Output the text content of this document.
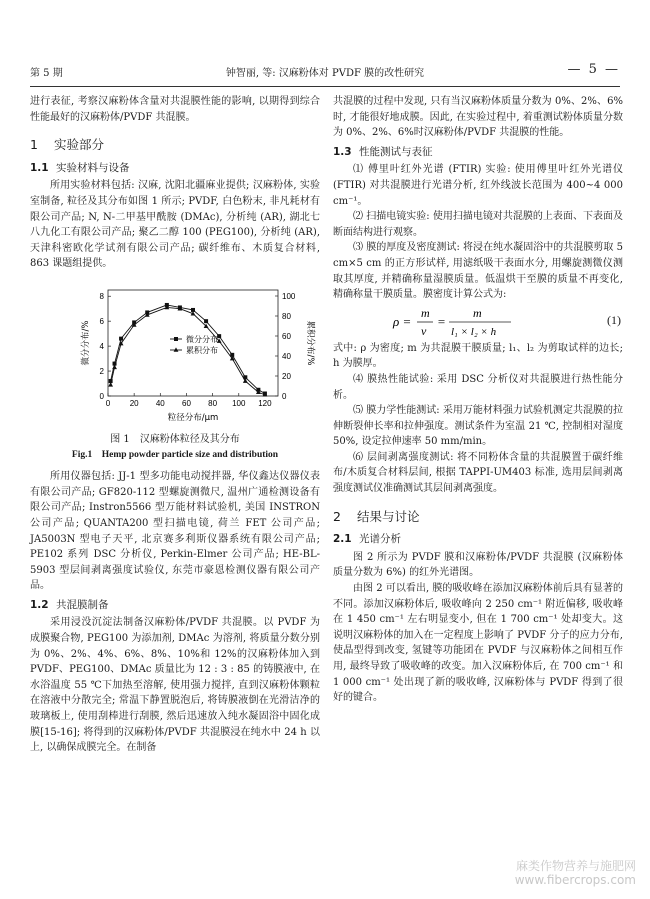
第 5 期	钟智丽, 等: 汉麻粉体对 PVDF 膜的改性研究	— 5 —

进行表征, 考察汉麻粉体含量对共混膜性能的影响, 以期得到综合性能最好的汉麻粉体/PVDF 共混膜。

1 实验部分
1.1 实验材料与设备

所用实验材料包括: 汉麻, 沈阳北疆麻业提供; 汉麻粉体, 实验室制备, 粒径及其分布如图 1 所示; PVDF, 白色粉末, 非凡耗材有限公司产品; N, N-二甲基甲酰胺 (DMAc), 分析纯 (AR), 湖北七八九化工有限公司产品; 聚乙二醇 100 (PEG100), 分析纯 (AR), 天津科密欧化学试剂有限公司产品; 碳纤维布、木质复合材料, 863 课题组提供。

0 20 40 60 80 100 120
0
2
4
6
8
0
20
40
60
80
100
粒径分布/μm
微分分布/%	累积分布/%
微分分布
累积分布
图 1　汉麻粉体粒径及其分布
Fig.1　Hemp powder particle size and distribution

所用仪器包括: JJ-1 型多功能电动搅拌器, 华仪鑫达仪器仪表有限公司产品; GF820-112 型螺旋测微尺, 温州广通检测设备有限公司产品; Instron5566 型万能材料试验机, 美国 INSTRON 公司产品; QUANTA200 型扫描电镜, 荷兰 FET 公司产品; JA5003N 型电子天平, 北京赛多利斯仪器系统有限公司产品; PE102 系列 DSC 分析仪, Perkin-Elmer 公司产品; HE-BL-5903 型层间剥离强度试验仪, 东莞市豪恩检测仪器有限公司产品。

1.2 共混膜制备

采用浸没沉淀法制备汉麻粉体/PVDF 共混膜。以 PVDF 为成膜聚合物, PEG100 为添加剂, DMAc 为溶剂, 将质量分数分别为 0%、2%、4%、6%、8%、10%和 12%的汉麻粉体加入到 PVDF、PEG100、DMAc 质量比为 12 : 3 : 85 的铸膜液中, 在水浴温度 55 ℃下加热至溶解, 使用强力搅拌, 直到汉麻粉体颗粒在溶液中分散完全; 常温下静置脱泡后, 将铸膜液倒在光滑洁净的玻璃板上, 使用刮棒进行刮膜, 然后迅速放入纯水凝固浴中固化成膜[15-16]; 将得到的汉麻粉体/PVDF 共混膜浸在纯水中 24 h 以上, 以确保成膜完全。在制备

共混膜的过程中发现, 只有当汉麻粉体质量分数为 0%、2%、6%时, 才能很好地成膜。因此, 在实验过程中, 着重测试粉体质量分数为 0%、2%、6%时汉麻粉体/PVDF 共混膜的性能。

1.3 性能测试与表征

⑴ 傅里叶红外光谱 (FTIR) 实验: 使用傅里叶红外光谱仪 (FTIR) 对共混膜进行光谱分析, 红外线波长范围为 400~4 000 cm⁻¹。

⑵ 扫描电镜实验: 使用扫描电镜对共混膜的上表面、下表面及断面结构进行观察。

⑶ 膜的厚度及密度测试: 将浸在纯水凝固浴中的共混膜剪取 5 cm×5 cm 的正方形试样, 用滤纸吸干表面水分, 用螺旋测微仪测取其厚度, 并精确称量湿膜质量。低温烘干至膜的质量不再变化, 精确称量干膜质量。膜密度计算公式为:

ρ =
m
v
=
m
l₁ × l₂ × h
(1)

式中: ρ 为密度; m 为共混膜干膜质量; l₁、l₂ 为剪取试样的边长; h 为膜厚。

⑷ 膜热性能试验: 采用 DSC 分析仪对共混膜进行热性能分析。

⑸ 膜力学性能测试: 采用万能材料强力试验机测定共混膜的拉伸断裂伸长率和拉伸强度。测试条件为室温 21 ℃, 控制相对湿度 50%, 设定拉伸速率 50 mm/min。

⑹ 层间剥离强度测试: 将不同粉体含量的共混膜置于碳纤维布/木质复合材料层间, 根据 TAPPI-UM403 标准, 选用层间剥离强度测试仪准确测试其层间剥离强度。

2 结果与讨论
2.1 光谱分析

图 2 所示为 PVDF 膜和汉麻粉体/PVDF 共混膜 (汉麻粉体质量分数为 6%) 的红外光谱图。

由图 2 可以看出, 膜的吸收峰在添加汉麻粉体前后具有显著的不同。添加汉麻粉体后, 吸收峰向 2 250 cm⁻¹ 附近偏移, 吸收峰在 1 450 cm⁻¹ 左右明显变小, 但在 1 700 cm⁻¹ 处却变大。这说明汉麻粉体的加入在一定程度上影响了 PVDF 分子的应力分布, 使晶型得到改变, 氢键等功能团在 PVDF 与汉麻粉体之间相互作用, 最终导致了吸收峰的改变。加入汉麻粉体后, 在 700 cm⁻¹ 和 1 000 cm⁻¹ 处出现了新的吸收峰, 汉麻粉体与 PVDF 得到了很好的键合。

麻类作物营养与施肥网
www.fibercrops.com
